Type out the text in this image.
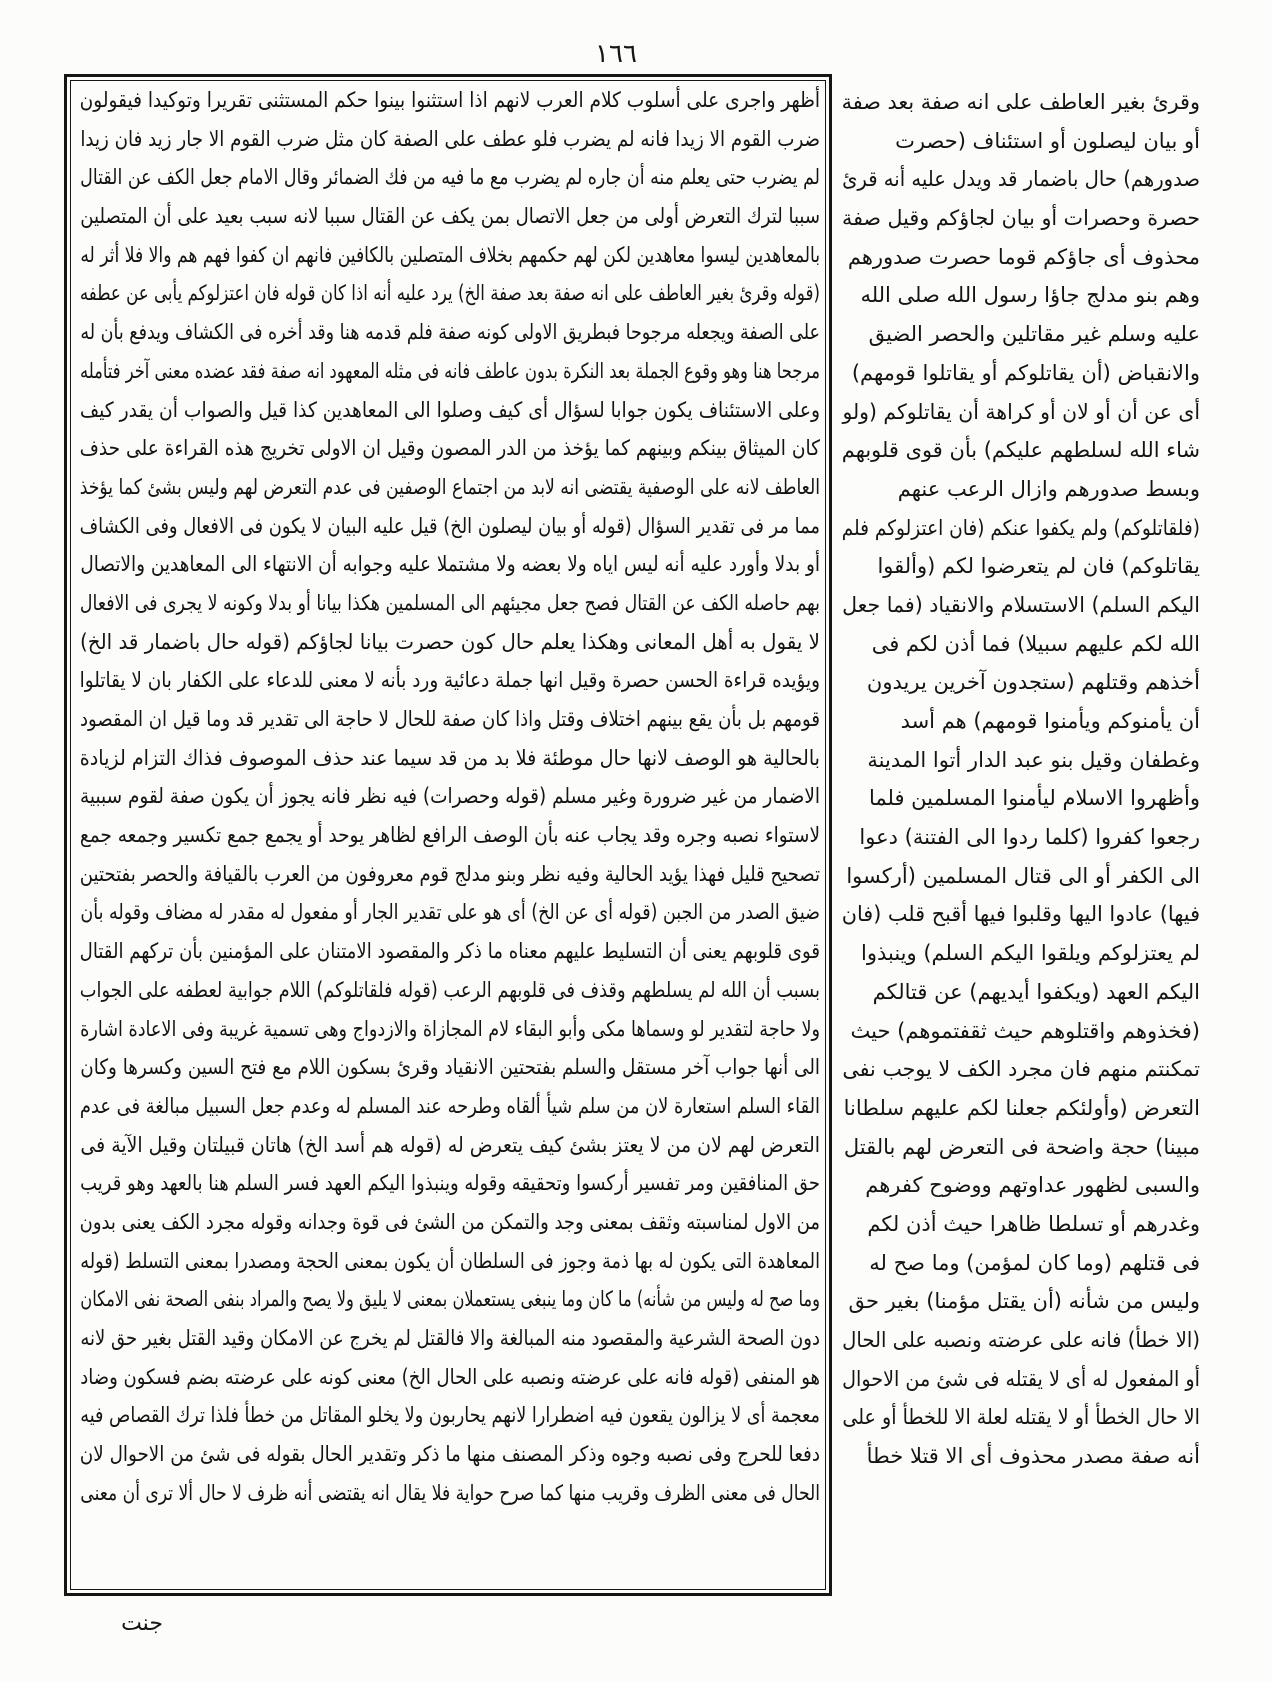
١٦٦
أظهر واجرى على أسلوب كلام العرب لانهم اذا استثنوا بينوا حكم المستثنى تقريرا وتوكيدا فيقولون
ضرب القوم الا زيدا فانه لم يضرب فلو عطف على الصفة كان مثل ضرب القوم الا جار زيد فان زيدا
لم يضرب حتى يعلم منه أن جاره لم يضرب مع ما فيه من فك الضمائر وقال الامام جعل الكف عن القتال
سببا لترك التعرض أولى من جعل الاتصال بمن يكف عن القتال سببا لانه سبب بعيد على أن المتصلين
بالمعاهدين ليسوا معاهدين لكن لهم حكمهم بخلاف المتصلين بالكافين فانهم ان كفوا فهم هم والا فلا أثر له
(قوله وقرئ بغير العاطف على انه صفة بعد صفة الخ) يرد عليه أنه اذا كان قوله فان اعتزلوكم يأبى عن عطفه
على الصفة ويجعله مرجوحا فبطريق الاولى كونه صفة فلم قدمه هنا وقد أخره فى الكشاف ويدفع بأن له
مرجحا هنا وهو وقوع الجملة بعد النكرة بدون عاطف فانه فى مثله المعهود انه صفة فقد عضده معنى آخر فتأمله
وعلى الاستئناف يكون جوابا لسؤال أى كيف وصلوا الى المعاهدين كذا قيل والصواب أن يقدر كيف
كان الميثاق بينكم وبينهم كما يؤخذ من الدر المصون وقيل ان الاولى تخريج هذه القراءة على حذف
العاطف لانه على الوصفية يقتضى انه لابد من اجتماع الوصفين فى عدم التعرض لهم وليس بشئ كما يؤخذ
مما مر فى تقدير السؤال (قوله أو بيان ليصلون الخ) قيل عليه البيان لا يكون فى الافعال وفى الكشاف
أو بدلا وأورد عليه أنه ليس اياه ولا بعضه ولا مشتملا عليه وجوابه أن الانتهاء الى المعاهدين والاتصال
بهم حاصله الكف عن القتال فصح جعل مجيئهم الى المسلمين هكذا بيانا أو بدلا وكونه لا يجرى فى الافعال
لا يقول به أهل المعانى وهكذا يعلم حال كون حصرت بيانا لجاؤكم (قوله حال باضمار قد الخ)
ويؤيده قراءة الحسن حصرة وقيل انها جملة دعائية ورد بأنه لا معنى للدعاء على الكفار بان لا يقاتلوا
قومهم بل بأن يقع بينهم اختلاف وقتل واذا كان صفة للحال لا حاجة الى تقدير قد وما قيل ان المقصود
بالحالية هو الوصف لانها حال موطئة فلا بد من قد سيما عند حذف الموصوف فذاك التزام لزيادة
الاضمار من غير ضرورة وغير مسلم (قوله وحصرات) فيه نظر فانه يجوز أن يكون صفة لقوم سببية
لاستواء نصبه وجره وقد يجاب عنه بأن الوصف الرافع لظاهر يوحد أو يجمع جمع تكسير وجمعه جمع
تصحيح قليل فهذا يؤيد الحالية وفيه نظر وبنو مدلج قوم معروفون من العرب بالقيافة والحصر بفتحتين
ضيق الصدر من الجبن (قوله أى عن الخ) أى هو على تقدير الجار أو مفعول له مقدر له مضاف وقوله بأن
قوى قلوبهم يعنى أن التسليط عليهم معناه ما ذكر والمقصود الامتنان على المؤمنين بأن تركهم القتال
بسبب أن الله لم يسلطهم وقذف فى قلوبهم الرعب (قوله فلقاتلوكم) اللام جوابية لعطفه على الجواب
ولا حاجة لتقدير لو وسماها مكى وأبو البقاء لام المجازاة والازدواج وهى تسمية غريبة وفى الاعادة اشارة
الى أنها جواب آخر مستقل والسلم بفتحتين الانقياد وقرئ بسكون اللام مع فتح السين وكسرها وكان
القاء السلم استعارة لان من سلم شيأ ألقاه وطرحه عند المسلم له وعدم جعل السبيل مبالغة فى عدم
التعرض لهم لان من لا يعتز بشئ كيف يتعرض له (قوله هم أسد الخ) هاتان قبيلتان وقيل الآية فى
حق المنافقين ومر تفسير أركسوا وتحقيقه وقوله وينبذوا اليكم العهد فسر السلم هنا بالعهد وهو قريب
من الاول لمناسبته وثقف بمعنى وجد والتمكن من الشئ فى قوة وجدانه وقوله مجرد الكف يعنى بدون
المعاهدة التى يكون له بها ذمة وجوز فى السلطان أن يكون بمعنى الحجة ومصدرا بمعنى التسلط (قوله
وما صح له وليس من شأنه) ما كان وما ينبغى يستعملان بمعنى لا يليق ولا يصح والمراد بنفى الصحة نفى الامكان
دون الصحة الشرعية والمقصود منه المبالغة والا فالقتل لم يخرج عن الامكان وقيد القتل بغير حق لانه
هو المنفى (قوله فانه على عرضته ونصبه على الحال الخ) معنى كونه على عرضته بضم فسكون وضاد
معجمة أى لا يزالون يقعون فيه اضطرارا لانهم يحاربون ولا يخلو المقاتل من خطأ فلذا ترك القصاص فيه
دفعا للحرج وفى نصبه وجوه وذكر المصنف منها ما ذكر وتقدير الحال بقوله فى شئ من الاحوال لان
الحال فى معنى الظرف وقريب منها كما صرح حواية فلا يقال انه يقتضى أنه ظرف لا حال ألا ترى أن معنى
وقرئ بغير العاطف على انه صفة بعد صفة
أو بيان ليصلون أو استئناف (حصرت
صدورهم) حال باضمار قد ويدل عليه أنه قرئ
حصرة وحصرات أو بيان لجاؤكم وقيل صفة
محذوف أى جاؤكم قوما حصرت صدورهم
وهم بنو مدلج جاؤا رسول الله صلى الله
عليه وسلم غير مقاتلين والحصر الضيق
والانقباض (أن يقاتلوكم أو يقاتلوا قومهم)
أى عن أن أو لان أو كراهة أن يقاتلوكم (ولو
شاء الله لسلطهم عليكم) بأن قوى قلوبهم
وبسط صدورهم وازال الرعب عنهم
(فلقاتلوكم) ولم يكفوا عنكم (فان اعتزلوكم فلم
يقاتلوكم) فان لم يتعرضوا لكم (وألقوا
اليكم السلم) الاستسلام والانقياد (فما جعل
الله لكم عليهم سبيلا) فما أذن لكم فى
أخذهم وقتلهم (ستجدون آخرين يريدون
أن يأمنوكم ويأمنوا قومهم) هم أسد
وغطفان وقيل بنو عبد الدار أتوا المدينة
وأظهروا الاسلام ليأمنوا المسلمين فلما
رجعوا كفروا (كلما ردوا الى الفتنة) دعوا
الى الكفر أو الى قتال المسلمين (أركسوا
فيها) عادوا اليها وقلبوا فيها أقبح قلب (فان
لم يعتزلوكم ويلقوا اليكم السلم) وينبذوا
اليكم العهد (ويكفوا أيديهم) عن قتالكم
(فخذوهم واقتلوهم حيث ثقفتموهم) حيث
تمكنتم منهم فان مجرد الكف لا يوجب نفى
التعرض (وأولئكم جعلنا لكم عليهم سلطانا
مبينا) حجة واضحة فى التعرض لهم بالقتل
والسبى لظهور عداوتهم ووضوح كفرهم
وغدرهم أو تسلطا ظاهرا حيث أذن لكم
فى قتلهم (وما كان لمؤمن) وما صح له
وليس من شأنه (أن يقتل مؤمنا) بغير حق
(الا خطأ) فانه على عرضته ونصبه على الحال
أو المفعول له أى لا يقتله فى شئ من الاحوال
الا حال الخطأ أو لا يقتله لعلة الا للخطأ أو على
أنه صفة مصدر محذوف أى الا قتلا خطأ
جنت
